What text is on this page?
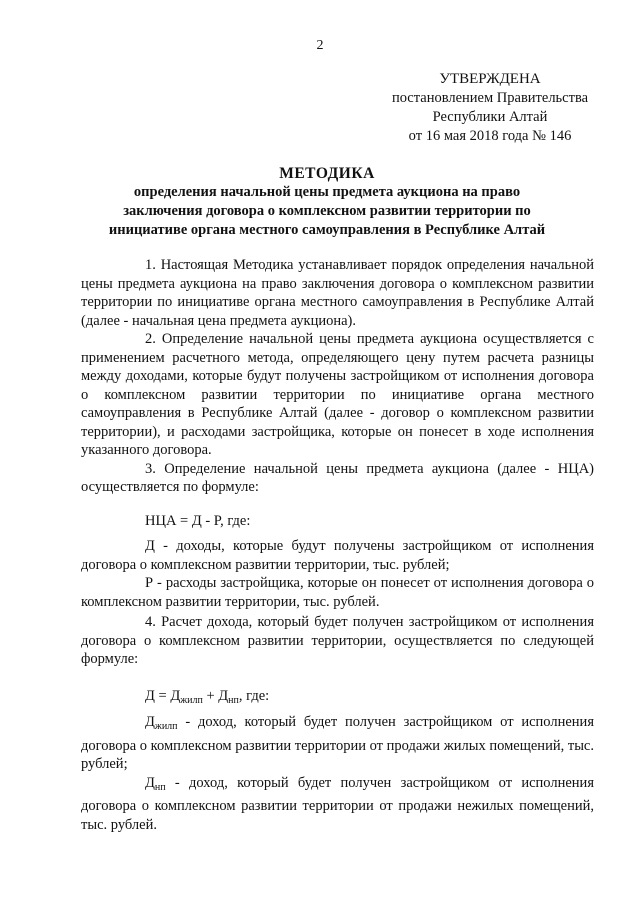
2
УТВЕРЖДЕНА
постановлением Правительства
Республики Алтай
от 16 мая 2018 года № 146
МЕТОДИКА
определения начальной цены предмета аукциона на право
заключения договора о комплексном развитии территории по
инициативе органа местного самоуправления в Республике Алтай

1. Настоящая Методика устанавливает порядок определения начальной цены предмета аукциона на право заключения договора о комплексном развитии территории по инициативе органа местного самоуправления в Республике Алтай (далее - начальная цена предмета аукциона).

2. Определение начальной цены предмета аукциона осуществляется с применением расчетного метода, определяющего цену путем расчета разницы между доходами, которые будут получены застройщиком от исполнения договора о комплексном развитии территории по инициативе органа местного самоуправления в Республике Алтай (далее - договор о комплексном развитии территории), и расходами застройщика, которые он понесет в ходе исполнения указанного договора.

3. Определение начальной цены предмета аукциона (далее - НЦА) осуществляется по формуле:

НЦА = Д - Р, где:

Д - доходы, которые будут получены застройщиком от исполнения договора о комплексном развитии территории, тыс. рублей;

Р - расходы застройщика, которые он понесет от исполнения договора о комплексном развитии территории, тыс. рублей.

4. Расчет дохода, который будет получен застройщиком от исполнения договора о комплексном развитии территории, осуществляется по следующей формуле:

$Д = Д_{жилп} + Д_{нп}$, где:

$Д_{жилп}$ - доход, который будет получен застройщиком от исполнения договора о комплексном развитии территории от продажи жилых помещений, тыс. рублей;

$Д_{нп}$ - доход, который будет получен застройщиком от исполнения договора о комплексном развитии территории от продажи нежилых помещений, тыс. рублей.
